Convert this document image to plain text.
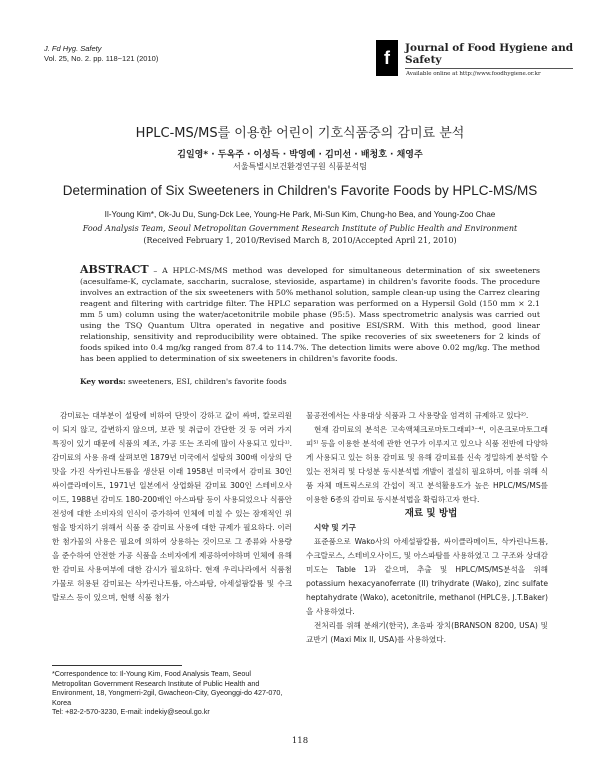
J. Fd Hyg. Safety
Vol. 25, No. 2. pp. 118~121 (2010)	f	Journal of Food Hygiene and Safety
Available online at http://www.foodhygiene.or.kr
HPLC-MS/MS를 이용한 어린이 기호식품중의 감미료 분석
김일영* · 두옥주 · 이성득 · 박영예 · 김미선 · 배청호 · 채영주
서울특별시보건환경연구원 식품분석팀
Determination of Six Sweeteners in Children's Favorite Foods by HPLC-MS/MS
Il-Young Kim*, Ok-Ju Du, Sung-Dck Lee, Young-He Park, Mi-Sun Kim, Chung-ho Bea, and Young-Zoo Chae
Food Analysis Team, Seoul Metropolitan Government Research Institute of Public Health and Environment
(Received February 1, 2010/Revised March 8, 2010/Accepted April 21, 2010)
ABSTRACT – A HPLC-MS/MS method was developed for simultaneous determination of six sweeteners (acesulfame-K, cyclamate, saccharin, sucralose, stevioside, aspartame) in children's favorite foods. The procedure involves an extraction of the six sweeteners with 50% methanol solution, sample clean-up using the Carrez clearing reagent and filtering with cartridge filter. The HPLC separation was performed on a Hypersil Gold (150 mm × 2.1 mm 5 um) column using the water/acetonitrile mobile phase (95:5). Mass spectrometric analysis was carried out using the TSQ Quantum Ultra operated in negative and positive ESI/SRM. With this method, good linear relationship, sensitivity and reproducibility were obtained. The spike recoveries of six sweeteners for 2 kinds of foods spiked into 0.4 mg/kg ranged from 87.4 to 114.7%. The detection limits were above 0.02 mg/kg. The method has been applied to determination of six sweeteners in children's favorite foods.
Key words: sweeteners, ESI, children's favorite foods

감미료는 대부분이 설탕에 비하여 단맛이 강하고 값이 싸며, 칼로리원이 되지 않고, 갈변하지 않으며, 보관 및 취급이 간단한 것 등 여러 가지 특징이 있기 때문에 식품의 제조, 가공 또는 조리에 많이 사용되고 있다¹⁾. 감미료의 사용 유래 살펴보면 1879년 미국에서 설탕의 300배 이상의 단맛을 가진 삭카린나트륨을 생산된 이래 1958년 미국에서 감미료 30인 싸이클라메이트, 1971년 일본에서 상업화된 감미료 300인 스테비오사이드, 1988년 감미도 180-200배인 아스파탐 등이 사용되었으나 식품안전성에 대한 소비자의 인식이 증가하여 인체에 미칠 수 있는 잠재적인 위험을 방지하기 위해서 식품 중 감미료 사용에 대한 규제가 필요하다. 이러한 첨가물의 사용은 필요에 의하여 상용하는 것이므로 그 종류와 사용량을 준수하여 안전한 가공 식품을 소비자에게 제공하여야하며 인체에 유해한 감미료 사용여부에 대한 감시가 필요하다. 현재 우리나라에서 식품첨가물로 허용된 감미료는 삭카린나트륨, 아스파탐, 아세설팜칼륨 및 수크랄로스 등이 있으며, 현행 식품 첨가

물공전에서는 사용대상 식품과 그 사용량을 엄격히 규제하고 있다²⁾.

현재 감미료의 분석은 고속액체크로마토그래피³⁻⁴⁾, 이온크로마토그래피⁵⁾ 등을 이용한 분석에 관한 연구가 이루지고 있으나 식품 전반에 다양하게 사용되고 있는 허용 감미료 및 유해 감미료를 신속 정밀하게 분석할 수 있는 전처리 및 다성분 동시분석법 개발이 절실히 필요하며, 이를 위해 식품 자체 매트릭스로의 간섭이 적고 분석활용도가 높은 HPLC/MS/MS를 이용한 6종의 감미료 동시분석법을 확립하고자 한다.

재료 및 방법

시약 및 기구

표준품으로 Wako사의 아세설팜칼륨, 싸이클라메이트, 삭카린나트륨, 수크랄로스, 스테비오사이드, 및 아스파탐를 사용하였고 그 구조와 상대감미도는 Table 1과 같으며, 추출 및 HPLC/MS/MS분석을 위해 potassium hexacyanoferrate (II) trihydrate (Wako), zinc sulfate heptahydrate (Wako), acetonitrile, methanol (HPLC용, J.T.Baker)을 사용하였다.

전처리를 위해 분쇄기(한국), 초음파 장치(BRANSON 8200, USA) 및 교반기 (Maxi Mix II, USA)를 사용하였다.

*Correspondence to: Il-Young Kim, Food Analysis Team, Seoul Metropolitan Government Research Institute of Public Health and Environment, 18, Yongmerri-2gil, Gwacheon-City, Gyeonggi-do 427-070, Korea
Tel: +82-2-570-3230, E-mail: indekiy@seoul.go.kr
118
